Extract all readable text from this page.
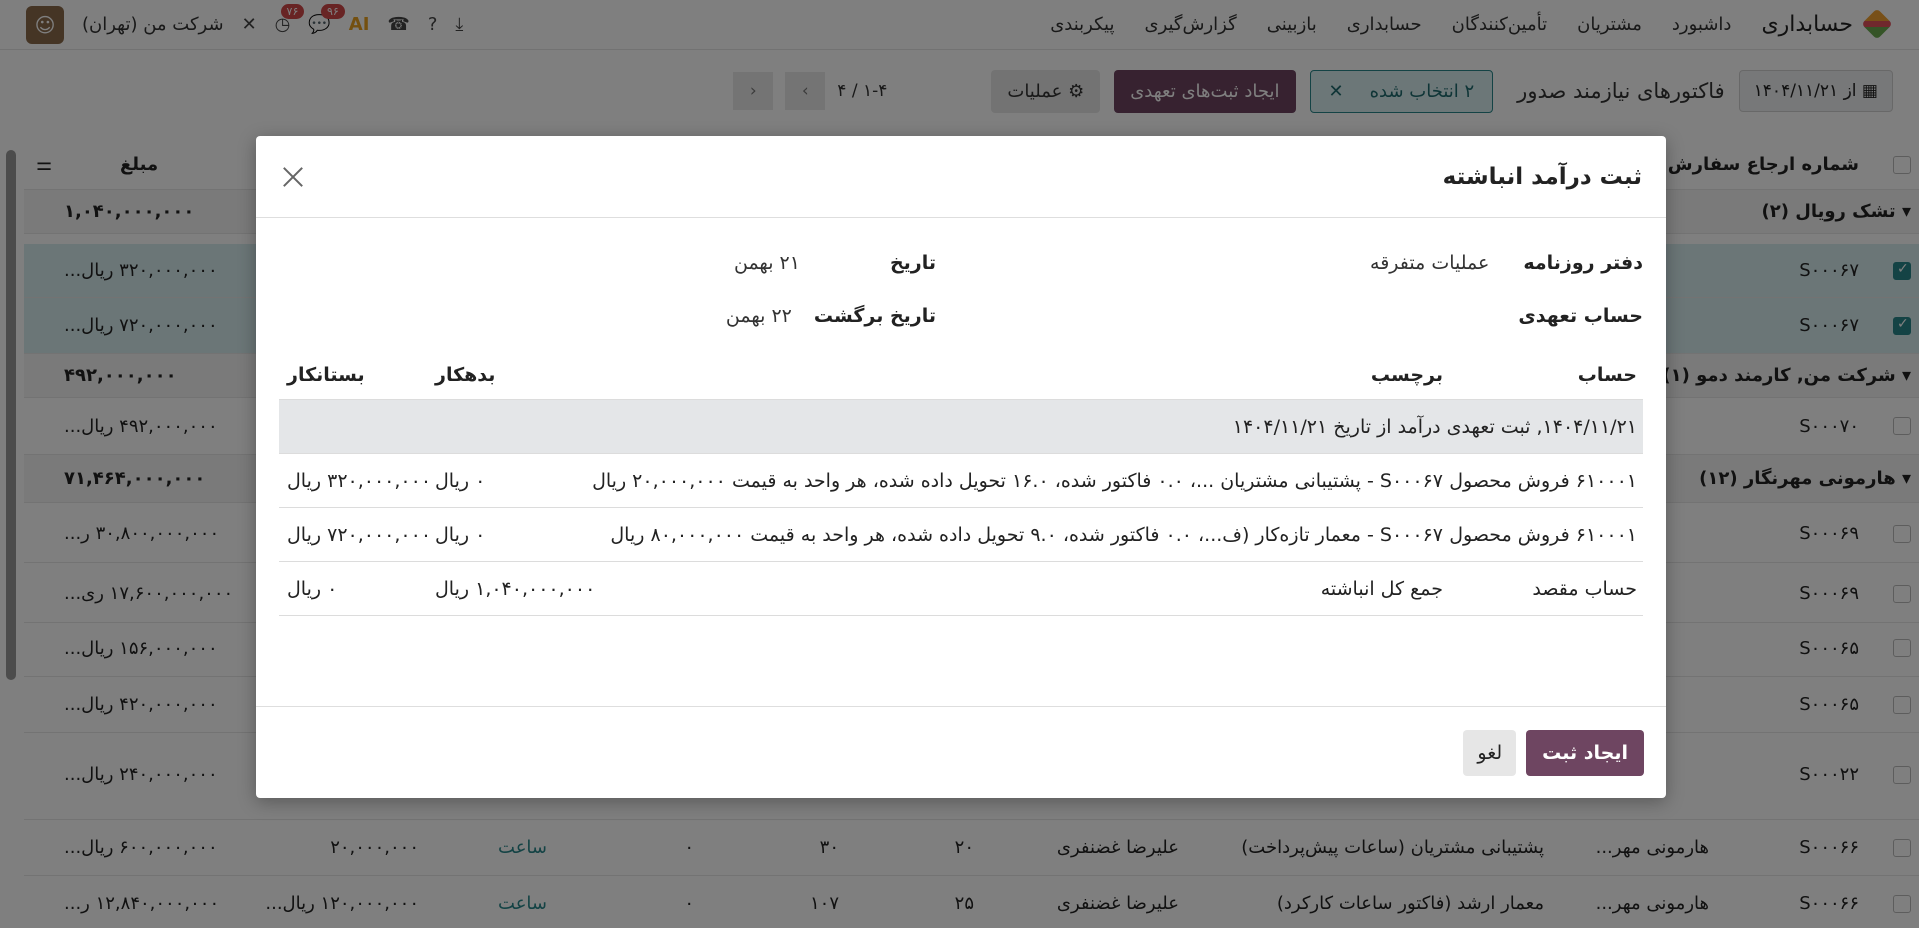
✓
✓
ثبت درآمد انباشته
دفتر روزنامه
عملیات متفرقه
تاریخ
۲۱ بهمن
حساب تعهدی
تاریخ برگشت
۲۲ بهمن
حساب
برچسب
بدهکار
بستانکار
۱۴۰۴/۱۱/۲۱, ثبت تعهدی درآمد از تاریخ ۱۴۰۴/۱۱/۲۱
۶۱۰۰۰۱ فروش محصول
S۰۰۰۶۷ - پشتیبانی مشتریان ...، ۰.۰ فاکتور شده، ۱۶.۰ تحویل داده شده، هر واحد به قیمت ۲۰,۰۰۰,۰۰۰ ریال
۰ ریال
۳۲۰,۰۰۰,۰۰۰ ریال
۶۱۰۰۰۱ فروش محصول
S۰۰۰۶۷ - معمار تازه‌کار (ف...، ۰.۰ فاکتور شده، ۹.۰ تحویل داده شده، هر واحد به قیمت ۸۰,۰۰۰,۰۰۰ ریال
۰ ریال
۷۲۰,۰۰۰,۰۰۰ ریال
حساب مقصد
جمع کل انباشته
۱,۰۴۰,۰۰۰,۰۰۰ ریال
۰ ریال
ایجاد ثبت
لغو
